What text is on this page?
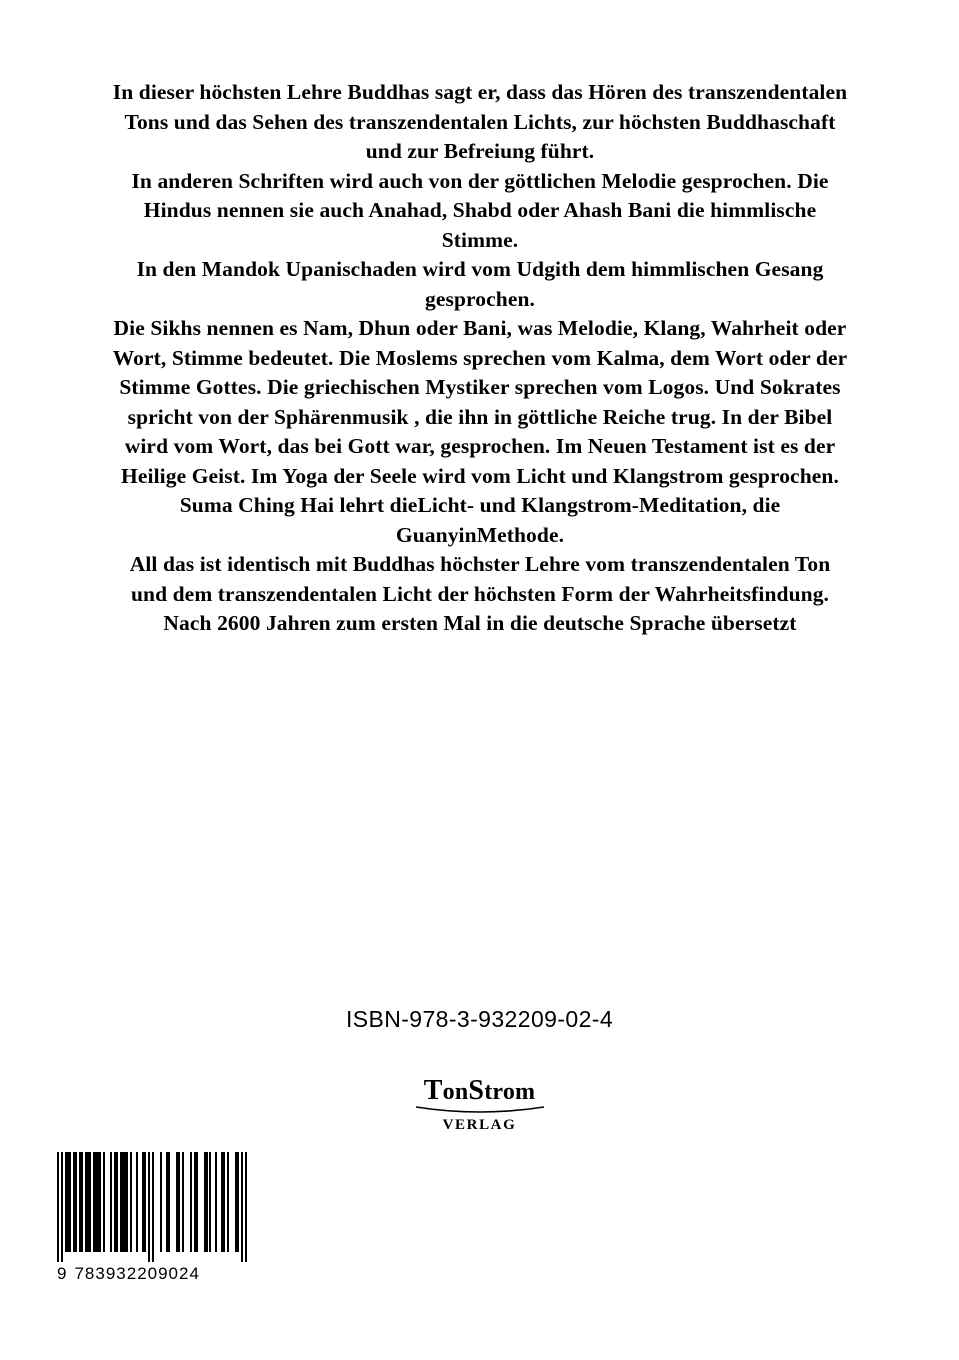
In dieser höchsten Lehre Buddhas sagt er, dass das Hören des transzendentalen Tons und das Sehen des transzendentalen Lichts, zur höchsten Buddhaschaft und zur Befreiung führt.

In anderen Schriften wird auch von der göttlichen Melodie gesprochen. Die Hindus nennen sie auch Anahad, Shabd oder Ahash Bani die himmlische Stimme.

In den Mandok Upanischaden wird vom Udgith dem himmlischen Gesang gesprochen.

Die Sikhs nennen es Nam, Dhun oder Bani, was Melodie, Klang, Wahrheit oder Wort, Stimme bedeutet. Die Moslems sprechen vom Kalma, dem Wort oder der Stimme Gottes. Die griechischen Mystiker sprechen vom Logos. Und Sokrates spricht von der Sphärenmusik , die ihn in göttliche Reiche trug. In der Bibel wird vom Wort, das bei Gott war, gesprochen. Im Neuen Testament ist es der Heilige Geist. Im Yoga der Seele wird vom Licht und Klangstrom gesprochen. Suma Ching Hai lehrt dieLicht- und Klangstrom-Meditation, die GuanyinMethode.

All das ist identisch mit Buddhas höchster Lehre vom transzendentalen Ton und dem transzendentalen Licht der höchsten Form der Wahrheitsfindung.

Nach 2600 Jahren zum ersten Mal in die deutsche Sprache übersetzt

ISBN-978-3-932209-02-4
TonStrom
VERLAG
9 783932209024
